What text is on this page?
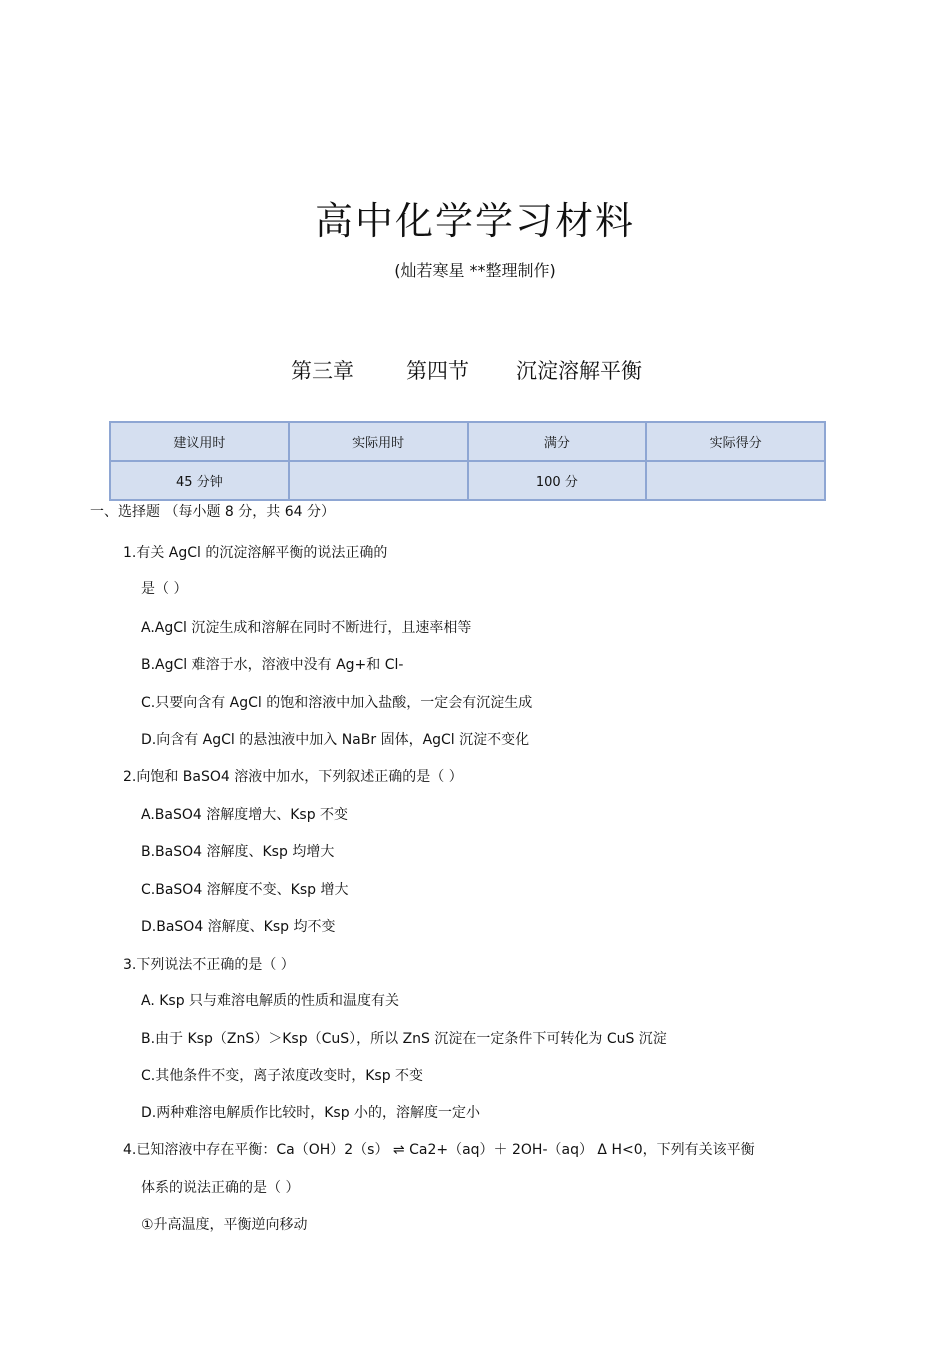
高中化学学习材料
(灿若寒星 **整理制作)
第三章 第四节 沉淀溶解平衡
建议用时	实际用时	满分	实际得分
45 分钟		100 分	
一、选择题 （每小题 8 分，共 64 分）
1.有关 AgCl 的沉淀溶解平衡的说法正确的
是（ ）
A.AgCl 沉淀生成和溶解在同时不断进行，且速率相等
B.AgCl 难溶于水，溶液中没有 Ag+和 Cl-
C.只要向含有 AgCl 的饱和溶液中加入盐酸，一定会有沉淀生成
D.向含有 AgCl 的悬浊液中加入 NaBr 固体，AgCl 沉淀不变化
2.向饱和 BaSO4 溶液中加水，下列叙述正确的是（ ）
A.BaSO4 溶解度增大、Ksp 不变
B.BaSO4 溶解度、Ksp 均增大
C.BaSO4 溶解度不变、Ksp 增大
D.BaSO4 溶解度、Ksp 均不变
3.下列说法不正确的是（ ）
A. Ksp 只与难溶电解质的性质和温度有关
B.由于 Ksp（ZnS）＞Ksp（CuS），所以 ZnS 沉淀在一定条件下可转化为 CuS 沉淀
C.其他条件不变，离子浓度改变时，Ksp 不变
D.两种难溶电解质作比较时，Ksp 小的，溶解度一定小
4.已知溶液中存在平衡：Ca（OH）2（s） ⇌ Ca2+（aq）＋ 2OH-（aq） Δ H<0，下列有关该平衡
体系的说法正确的是（ ）
①升高温度，平衡逆向移动
